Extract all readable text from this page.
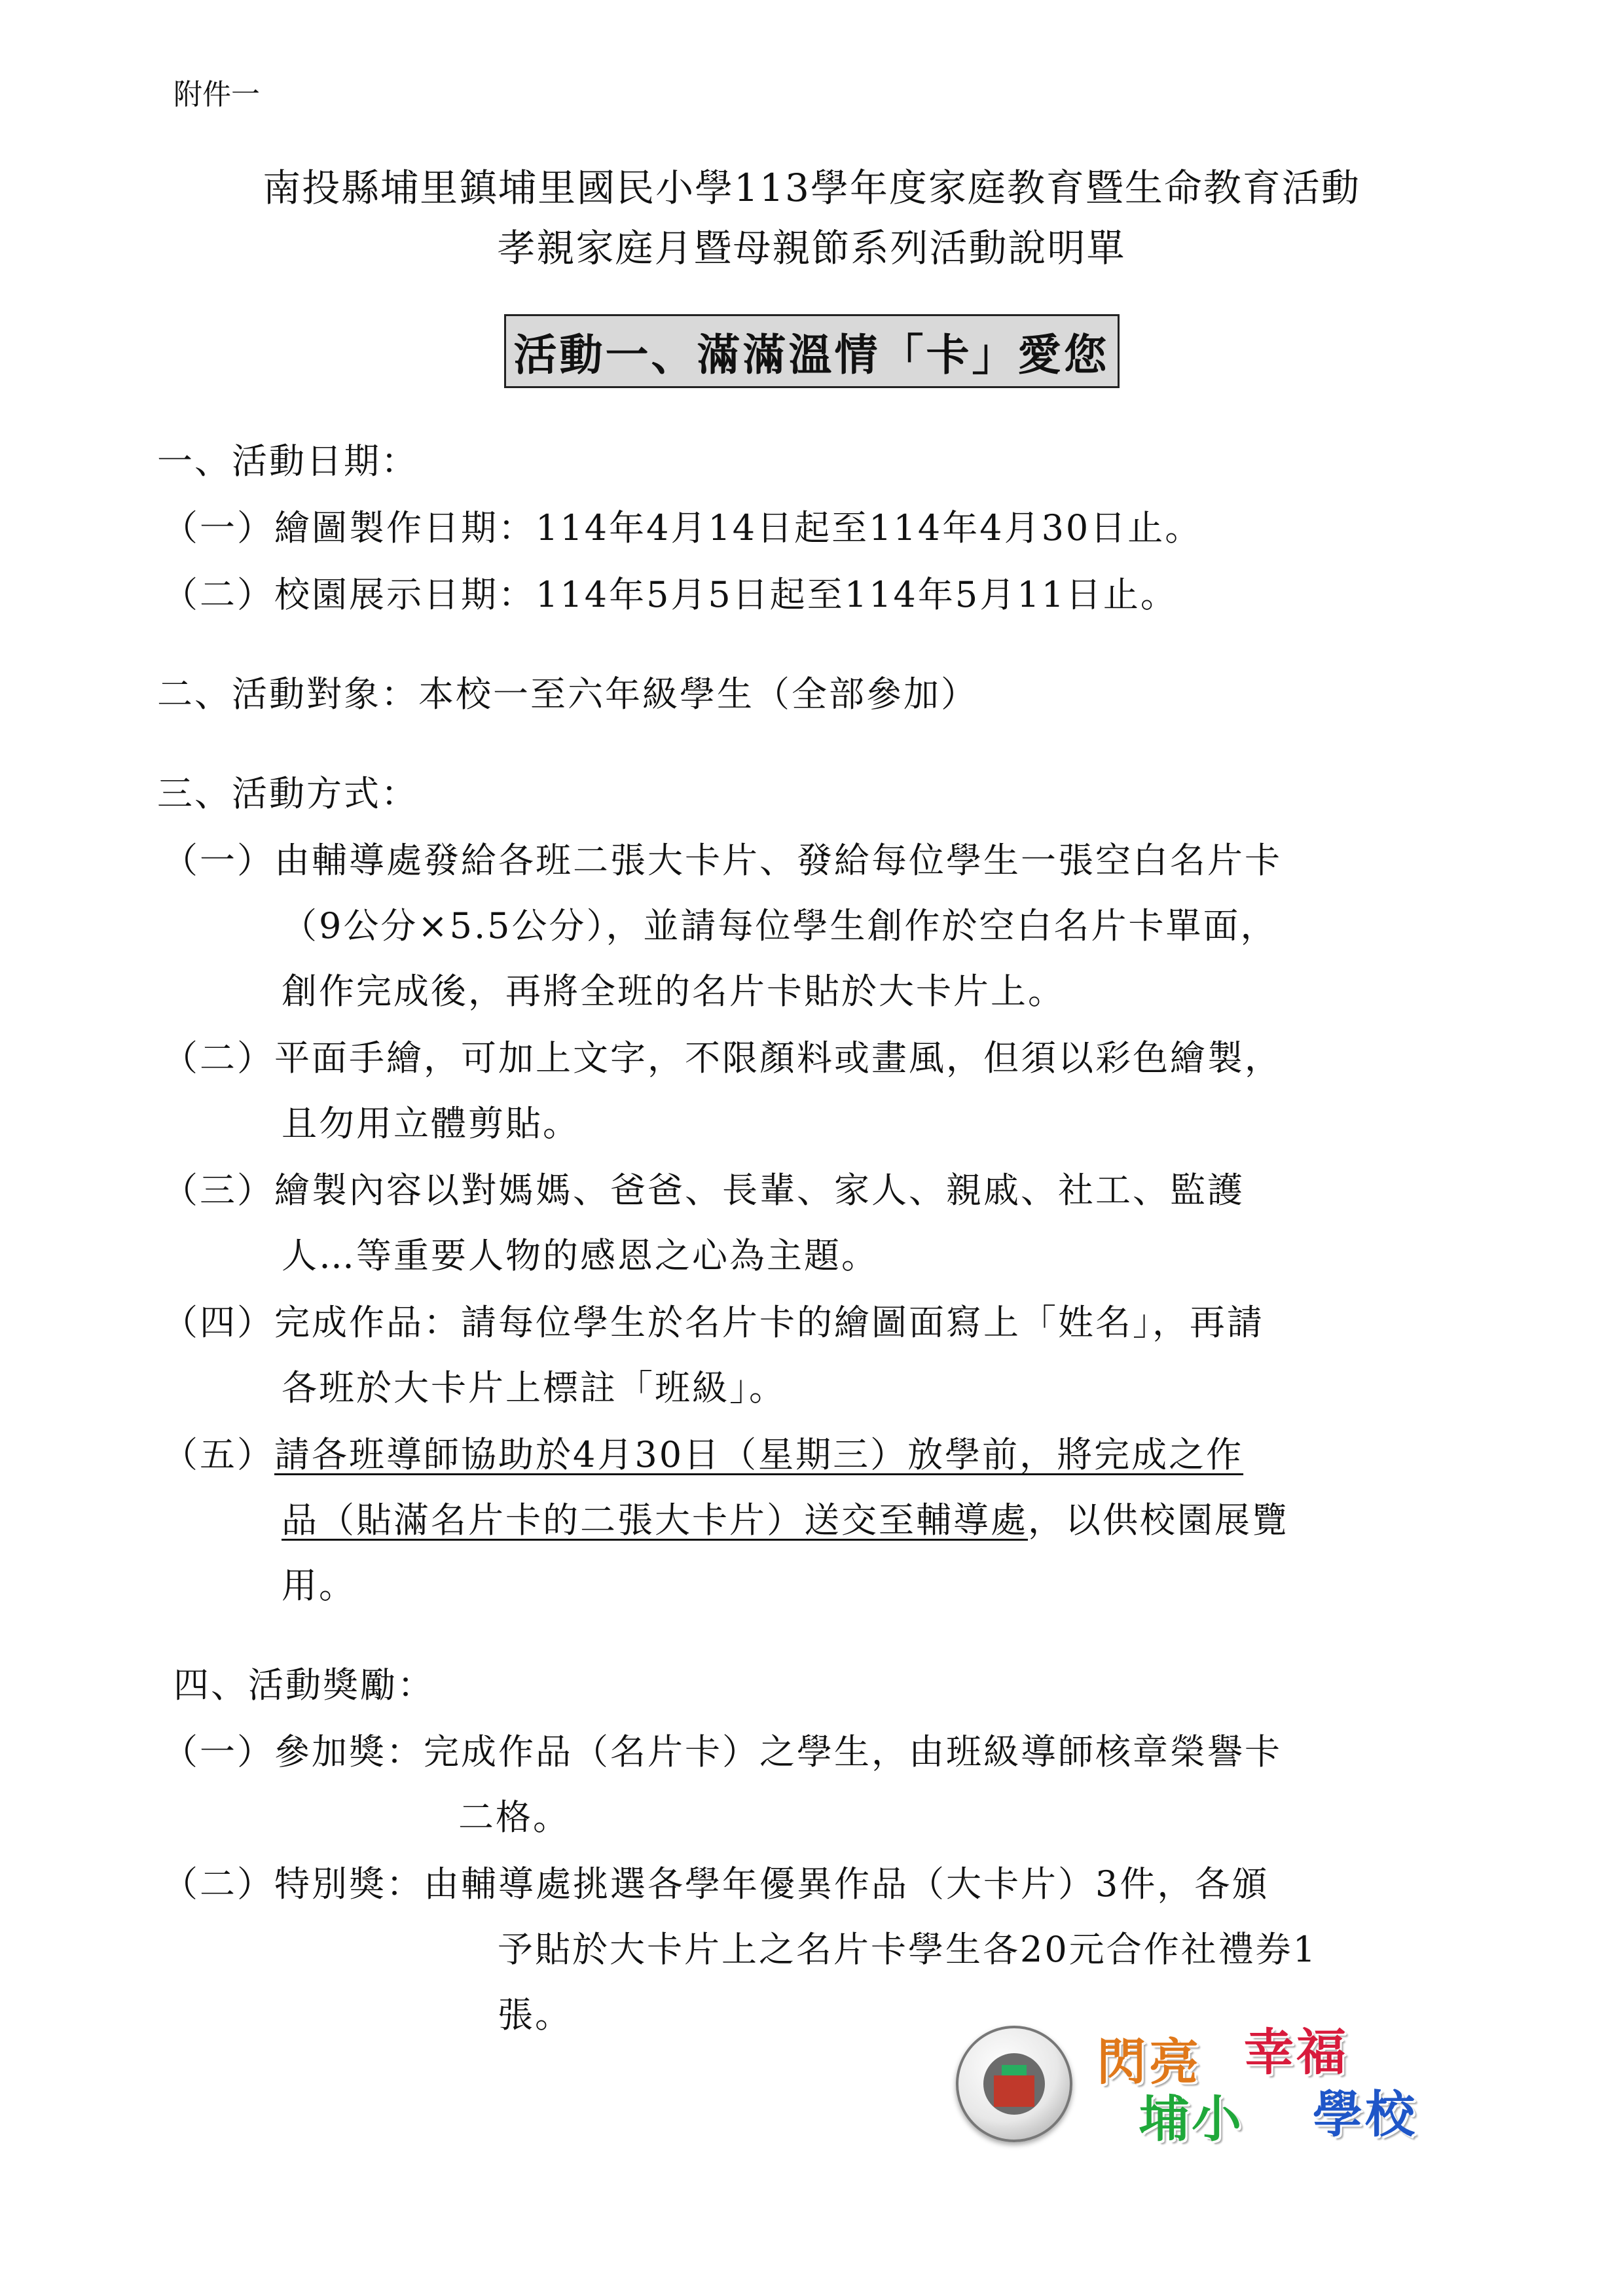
附件一
南投縣埔里鎮埔里國民小學113學年度家庭教育暨生命教育活動
孝親家庭月暨母親節系列活動說明單
活動一、滿滿溫情「卡」愛您
一、活動日期：
（一）繪圖製作日期：114年4月14日起至114年4月30日止。
（二）校園展示日期：114年5月5日起至114年5月11日止。
二、活動對象：本校一至六年級學生（全部參加）
三、活動方式：
（一）由輔導處發給各班二張大卡片、發給每位學生一張空白名片卡
（9公分×5.5公分），並請每位學生創作於空白名片卡單面，
創作完成後，再將全班的名片卡貼於大卡片上。
（二）平面手繪，可加上文字，不限顏料或畫風，但須以彩色繪製，
且勿用立體剪貼。
（三）繪製內容以對媽媽、爸爸、長輩、家人、親戚、社工、監護
人…等重要人物的感恩之心為主題。
（四）完成作品：請每位學生於名片卡的繪圖面寫上「姓名」，再請
各班於大卡片上標註「班級」。
（五）請各班導師協助於4月30日（星期三）放學前，將完成之作
品（貼滿名片卡的二張大卡片）送交至輔導處，以供校園展覽
用。
四、活動獎勵：
（一）參加獎：完成作品（名片卡）之學生，由班級導師核章榮譽卡
二格。
（二）特別獎：由輔導處挑選各學年優異作品（大卡片）3件，各頒
予貼於大卡片上之名片卡學生各20元合作社禮券1
張。
閃亮 幸福
埔小 學校
